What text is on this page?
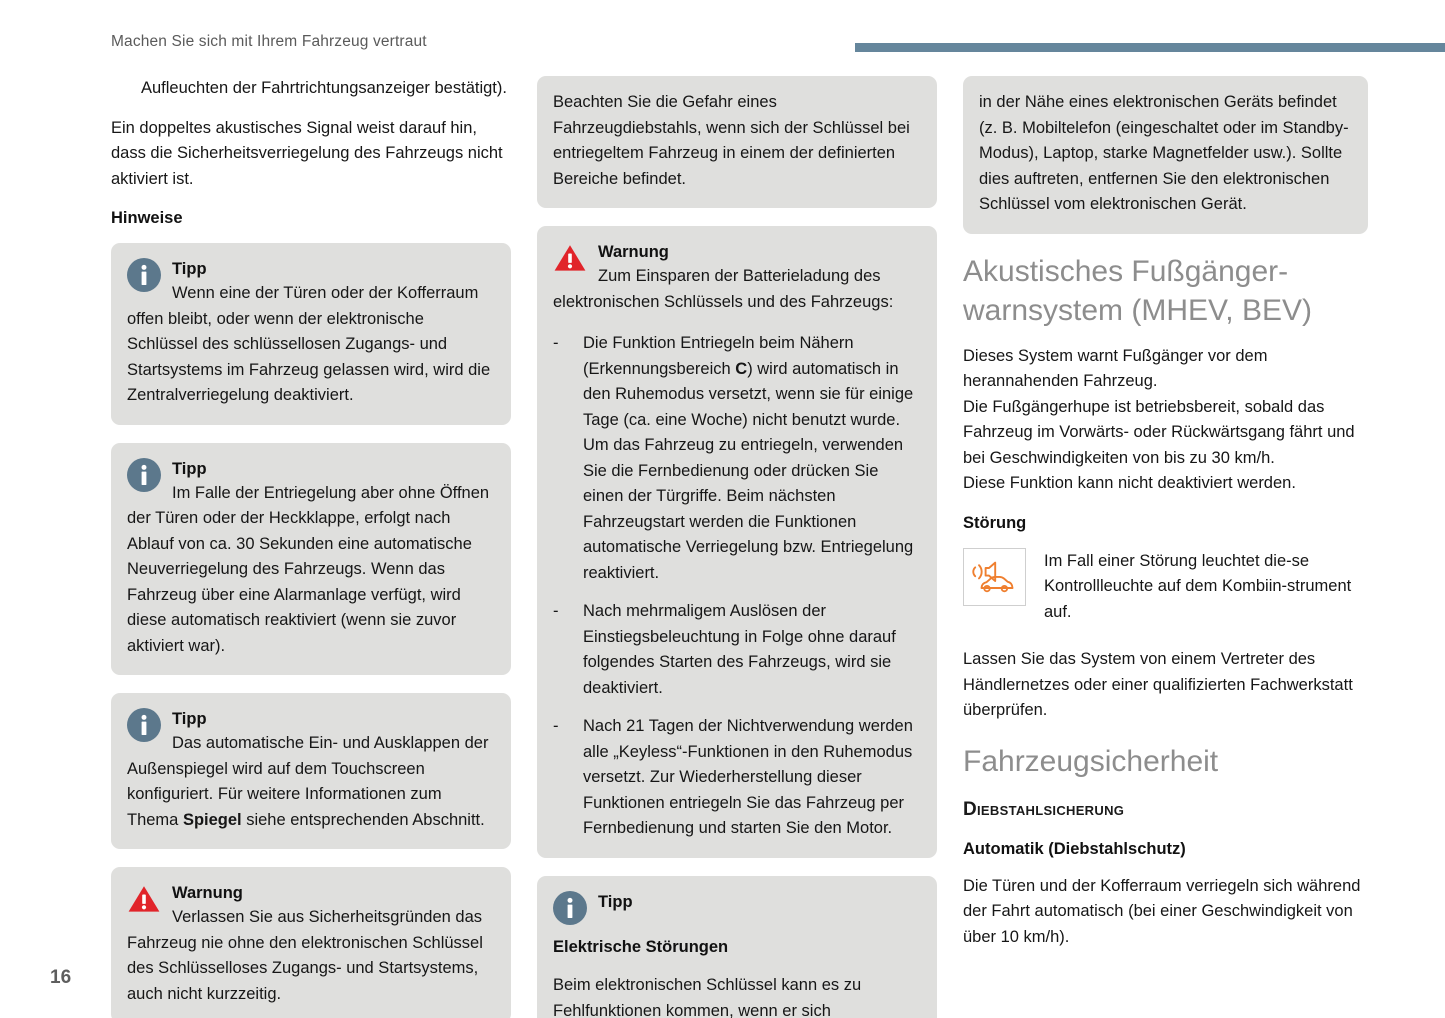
Machen Sie sich mit Ihrem Fahrzeug vertraut
Aufleuchten der Fahrtrichtungsanzeiger bestätigt).
Ein doppeltes akustisches Signal weist darauf hin, dass die Sicherheitsverriegelung des Fahrzeugs nicht aktiviert ist.
Hinweise
Tipp
Wenn eine der Türen oder der Kofferraum offen bleibt, oder wenn der elektronische Schlüssel des schlüssellosen Zugangs- und Startsystems im Fahrzeug gelassen wird, wird die Zentralverriegelung deaktiviert.
Tipp
Im Falle der Entriegelung aber ohne Öffnen der Türen oder der Heckklappe, erfolgt nach Ablauf von ca. 30 Sekunden eine automatische Neuverriegelung des Fahrzeugs. Wenn das Fahrzeug über eine Alarmanlage verfügt, wird diese automatisch reaktiviert (wenn sie zuvor aktiviert war).
Tipp
Das automatische Ein- und Ausklappen der Außenspiegel wird auf dem Touchscreen konfiguriert. Für weitere Informationen zum Thema Spiegel siehe entsprechenden Abschnitt.
Warnung
Verlassen Sie aus Sicherheitsgründen das Fahrzeug nie ohne den elektronischen Schlüssel des Schlüsselloses Zugangs- und Startsystems, auch nicht kurzzeitig.
Beachten Sie die Gefahr eines Fahrzeugdiebstahls, wenn sich der Schlüssel bei entriegeltem Fahrzeug in einem der definierten Bereiche befindet.
Warnung
Zum Einsparen der Batterieladung des elektronischen Schlüssels und des Fahrzeugs:
-	Die Funktion Entriegeln beim Nähern (Erkennungsbereich C) wird automatisch in den Ruhemodus versetzt, wenn sie für einige Tage (ca. eine Woche) nicht benutzt wurde. Um das Fahrzeug zu entriegeln, verwenden Sie die Fernbedienung oder drücken Sie einen der Türgriffe. Beim nächsten Fahrzeugstart werden die Funktionen automatische Verriegelung bzw. Entriegelung reaktiviert.
-	Nach mehrmaligem Auslösen der Einstiegsbeleuchtung in Folge ohne darauf folgendes Starten des Fahrzeugs, wird sie deaktiviert.
-	Nach 21 Tagen der Nichtverwendung werden alle „Keyless“-Funktionen in den Ruhemodus versetzt. Zur Wiederherstellung dieser Funktionen entriegeln Sie das Fahrzeug per Fernbedienung und starten Sie den Motor.
Tipp
Elektrische Störungen
Beim elektronischen Schlüssel kann es zu Fehlfunktionen kommen, wenn er sich
in der Nähe eines elektronischen Geräts befindet (z. B. Mobiltelefon (eingeschaltet oder im Standby-Modus), Laptop, starke Magnetfelder usw.). Sollte dies auftreten, entfernen Sie den elektronischen Schlüssel vom elektronischen Gerät.
Akustisches Fußgänger-warnsystem (MHEV, BEV)
Dieses System warnt Fußgänger vor dem herannahenden Fahrzeug.
Die Fußgängerhupe ist betriebsbereit, sobald das Fahrzeug im Vorwärts- oder Rückwärtsgang fährt und bei Geschwindigkeiten von bis zu 30 km/h.
Diese Funktion kann nicht deaktiviert werden.
Störung
Im Fall einer Störung leuchtet die-se Kontrollleuchte auf dem Kombiin-strument auf.
Lassen Sie das System von einem Vertreter des Händlernetzes oder einer qualifizierten Fachwerkstatt überprüfen.
Fahrzeugsicherheit
Diebstahlsicherung
Automatik (Diebstahlschutz)
Die Türen und der Kofferraum verriegeln sich während der Fahrt automatisch (bei einer Geschwindigkeit von über 10 km/h).
16
